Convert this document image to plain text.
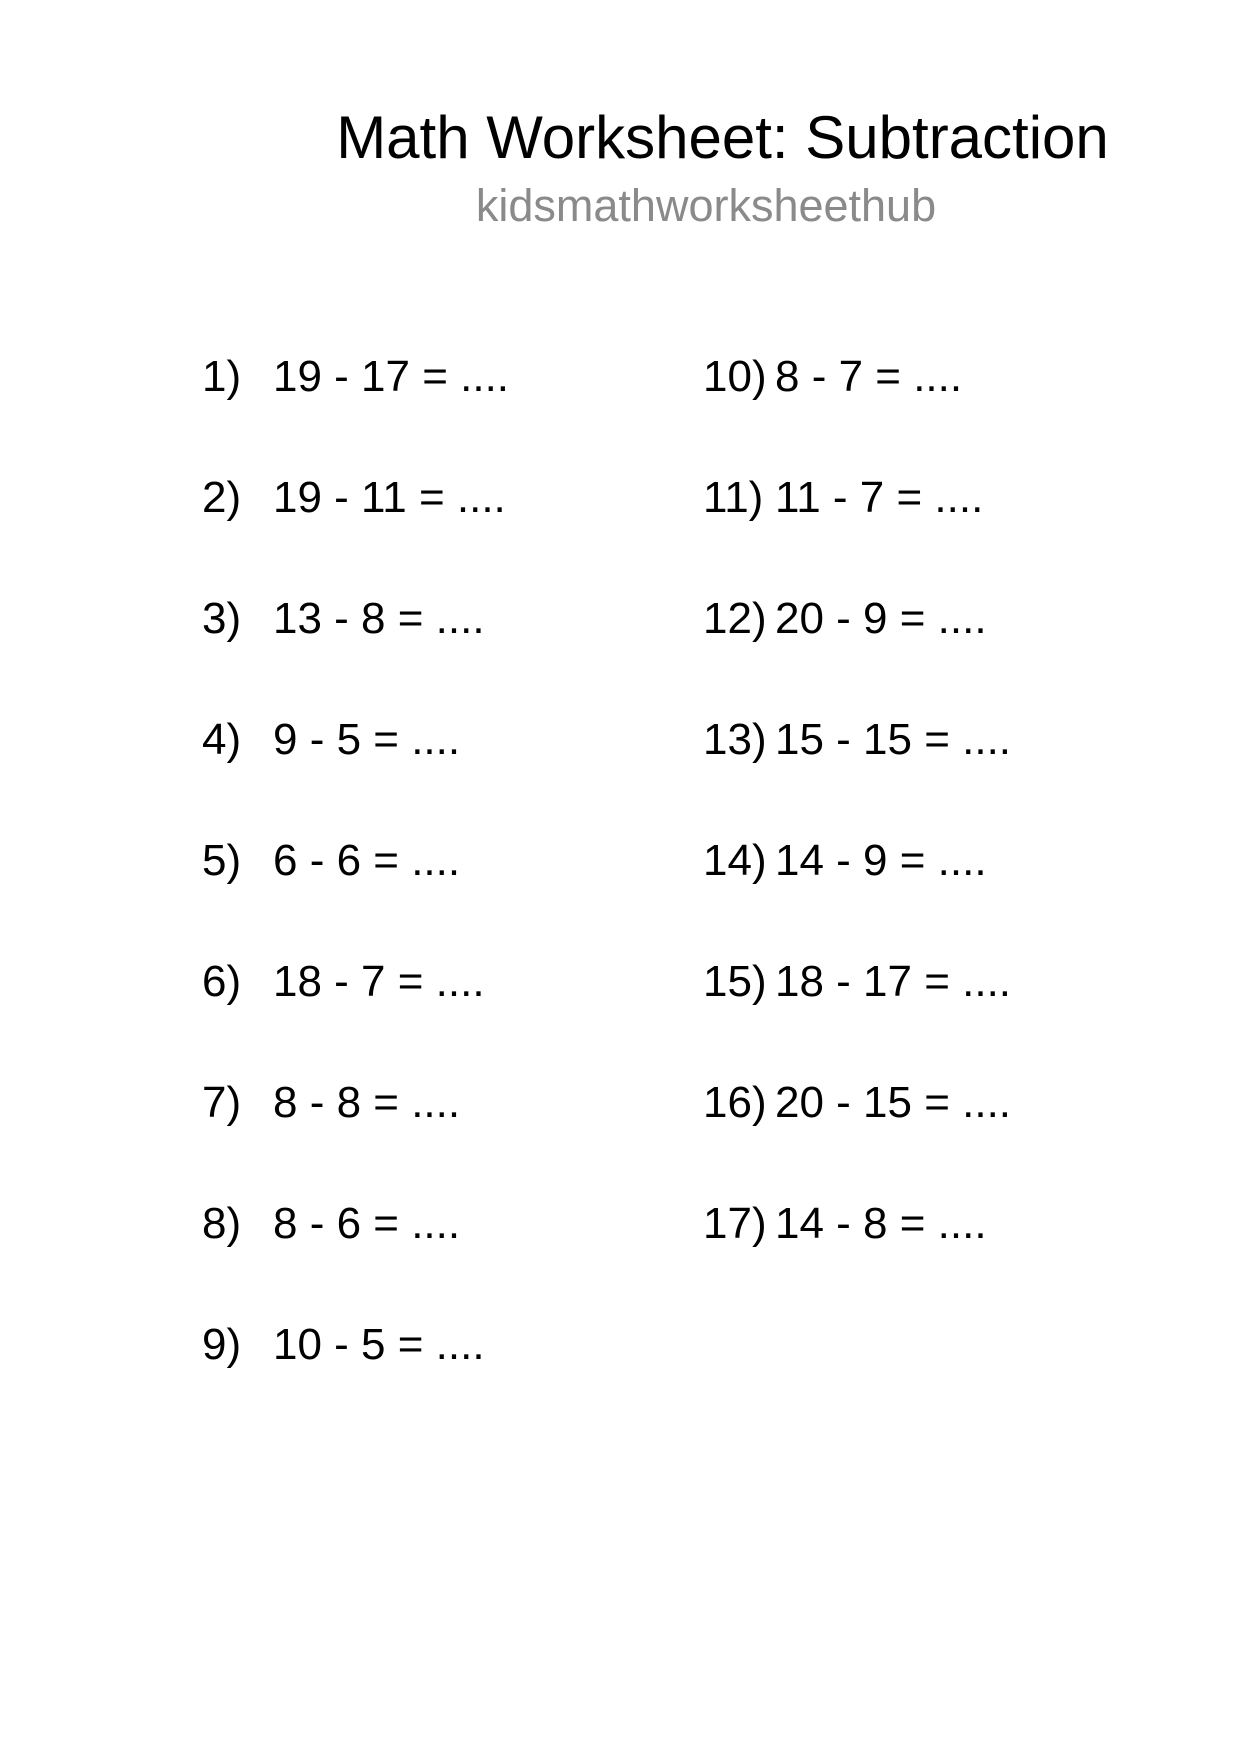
Math Worksheet: Subtraction
kidsmathworksheethub
1) 19 - 17 = ....
2) 19 - 11 = ....
3) 13 - 8 = ....
4) 9 - 5 = ....
5) 6 - 6 = ....
6) 18 - 7 = ....
7) 8 - 8 = ....
8) 8 - 6 = ....
9) 10 - 5 = ....
10) 8 - 7 = ....
11) 11 - 7 = ....
12) 20 - 9 = ....
13) 15 - 15 = ....
14) 14 - 9 = ....
15) 18 - 17 = ....
16) 20 - 15 = ....
17) 14 - 8 = ....
